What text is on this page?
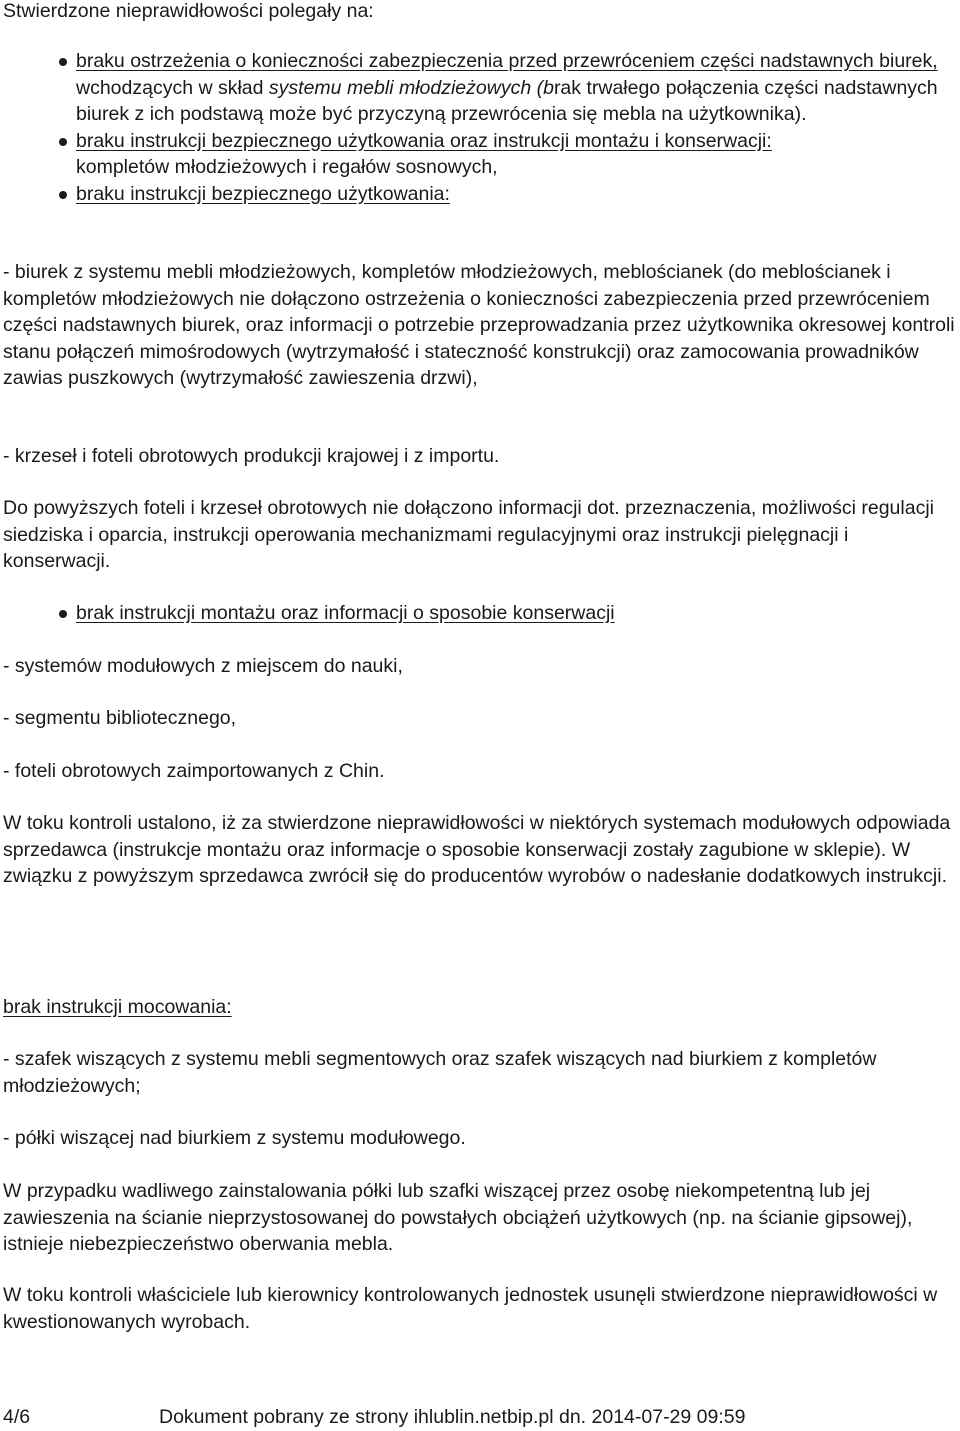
Stwierdzone nieprawidłowości polegały na:

braku ostrzeżenia o konieczności zabezpieczenia przed przewróceniem części nadstawnych biurek, wchodzących w skład systemu mebli młodzieżowych (brak trwałego połączenia części nadstawnych biurek z ich podstawą może być przyczyną przewrócenia się mebla na użytkownika).
braku instrukcji bezpiecznego użytkowania oraz instrukcji montażu i konserwacji:
kompletów młodzieżowych i regałów sosnowych,
braku instrukcji bezpiecznego użytkowania:

- biurek z systemu mebli młodzieżowych, kompletów młodzieżowych, meblościanek (do meblościanek i kompletów młodzieżowych nie dołączono ostrzeżenia o konieczności zabezpieczenia przed przewróceniem części nadstawnych biurek, oraz informacji o potrzebie przeprowadzania przez użytkownika okresowej kontroli stanu połączeń mimośrodowych (wytrzymałość i stateczność konstrukcji) oraz zamocowania prowadników zawias puszkowych (wytrzymałość zawieszenia drzwi),

- krzeseł i foteli obrotowych produkcji krajowej i z importu.

Do powyższych foteli i krzeseł obrotowych nie dołączono informacji dot. przeznaczenia, możliwości regulacji siedziska i oparcia, instrukcji operowania mechanizmami regulacyjnymi oraz instrukcji pielęgnacji i konserwacji.

brak instrukcji montażu oraz informacji o sposobie konserwacji

- systemów modułowych z miejscem do nauki,

- segmentu bibliotecznego,

- foteli obrotowych zaimportowanych z Chin.

W toku kontroli ustalono, iż za stwierdzone nieprawidłowości w niektórych systemach modułowych odpowiada sprzedawca (instrukcje montażu oraz informacje o sposobie konserwacji zostały zagubione w sklepie). W związku z powyższym sprzedawca zwrócił się do producentów wyrobów o nadesłanie dodatkowych instrukcji.

brak instrukcji mocowania:

- szafek wiszących z systemu mebli segmentowych oraz szafek wiszących nad biurkiem z kompletów młodzieżowych;

- półki wiszącej nad biurkiem z systemu modułowego.

W przypadku wadliwego zainstalowania półki lub szafki wiszącej przez osobę niekompetentną lub jej zawieszenia na ścianie nieprzystosowanej do powstałych obciążeń użytkowych (np. na ścianie gipsowej), istnieje niebezpieczeństwo oberwania mebla.

W toku kontroli właściciele lub kierownicy kontrolowanych jednostek usunęli stwierdzone nieprawidłowości w kwestionowanych wyrobach.

4/6	Dokument pobrany ze strony ihlublin.netbip.pl dn. 2014-07-29 09:59
